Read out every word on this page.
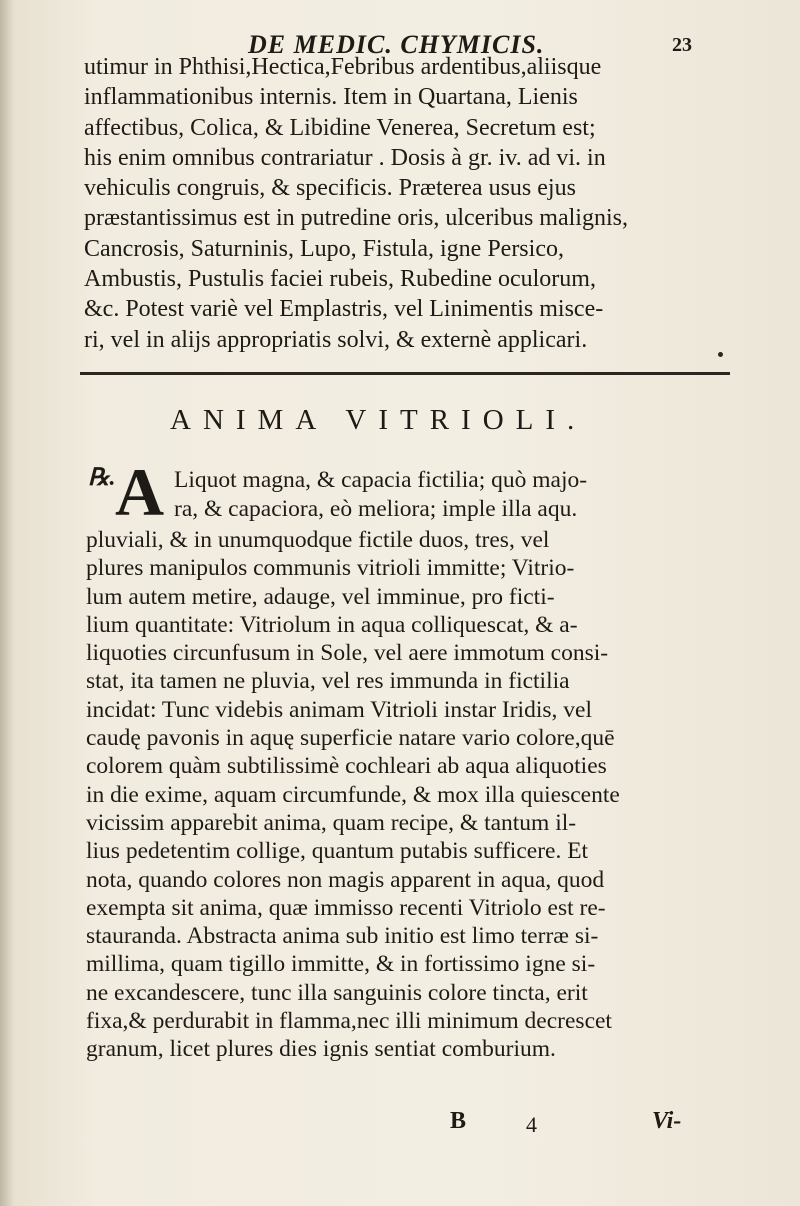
DE MEDIC. CHYMICIS.	23
utimur in Phthisi,Hectica,Febribus ardentibus,aliisque
inflammationibus internis. Item in Quartana, Lienis
affectibus, Colica, & Libidine Venerea, Secretum est;
his enim omnibus contrariatur . Dosis à gr. iv. ad vi. in
vehiculis congruis, & specificis. Præterea usus ejus
præstantissimus est in putredine oris, ulceribus malignis,
Cancrosis, Saturninis, Lupo, Fistula, igne Persico,
Ambustis, Pustulis faciei rubeis, Rubedine oculorum,
&c. Potest variè vel Emplastris, vel Linimentis misce-
ri, vel in alijs appropriatis solvi, & externè applicari.
ANIMA VITRIOLI.
℞. A Liquot magna, & capacia fictilia; quò majo-
ra, & capaciora, eò meliora; imple illa aqu.
pluviali, & in unumquodque fictile duos, tres, vel
plures manipulos communis vitrioli immitte; Vitrio-
lum autem metire, adauge, vel imminue, pro ficti-
lium quantitate: Vitriolum in aqua colliquescat, & a-
liquoties circunfusum in Sole, vel aere immotum consi-
stat, ita tamen ne pluvia, vel res immunda in fictilia
incidat: Tunc videbis animam Vitrioli instar Iridis, vel
caudę pavonis in aquę superficie natare vario colore,quē
colorem quàm subtilissimè cochleari ab aqua aliquoties
in die exime, aquam circumfunde, & mox illa quiescente
vicissim apparebit anima, quam recipe, & tantum il-
lius pedetentim collige, quantum putabis sufficere. Et
nota, quando colores non magis apparent in aqua, quod
exempta sit anima, quæ immisso recenti Vitriolo est re-
stauranda. Abstracta anima sub initio est limo terræ si-
millima, quam tigillo immitte, & in fortissimo igne si-
ne excandescere, tunc illa sanguinis colore tincta, erit
fixa,& perdurabit in flamma,nec illi minimum decrescet
granum, licet plures dies ignis sentiat comburium.
B	4	Vi-
